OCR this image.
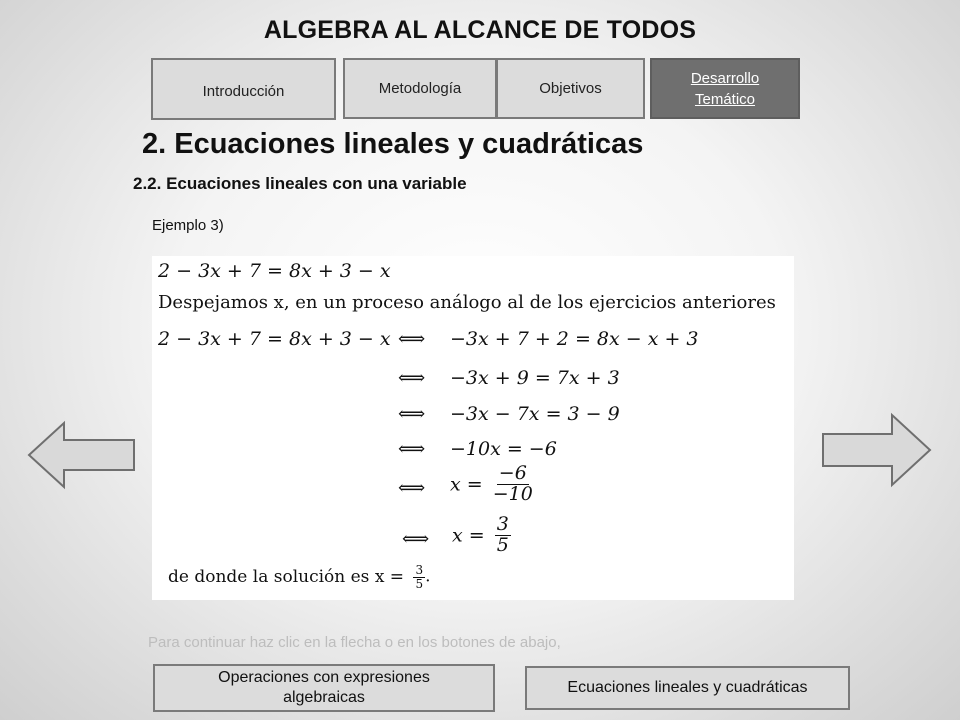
ALGEBRA AL ALCANCE DE TODOS
Introducción	Metodología	Objetivos
Desarrollo Temático
2. Ecuaciones lineales y cuadráticas
2.2. Ecuaciones lineales con una variable
Ejemplo 3)
2 − 3x + 7 = 8x + 3 − x
Despejamos x, en un proceso análogo al de los ejercicios anteriores
2 − 3x + 7 = 8x + 3 − x ⟺ −3x + 7 + 2 = 8x − x + 3
⟺ −3x + 9 = 7x + 3
⟺ −3x − 7x = 3 − 9
⟺ −10x = −6
⟺ $x = \frac{-6}{-10}$
⟺ $x = \frac{3}{5}$
de donde la solución es $x = \frac{3}{5}$ .
Para continuar haz clic en la flecha o en los botones de abajo,
Operaciones con expresiones algebraicas
Ecuaciones lineales y cuadráticas
